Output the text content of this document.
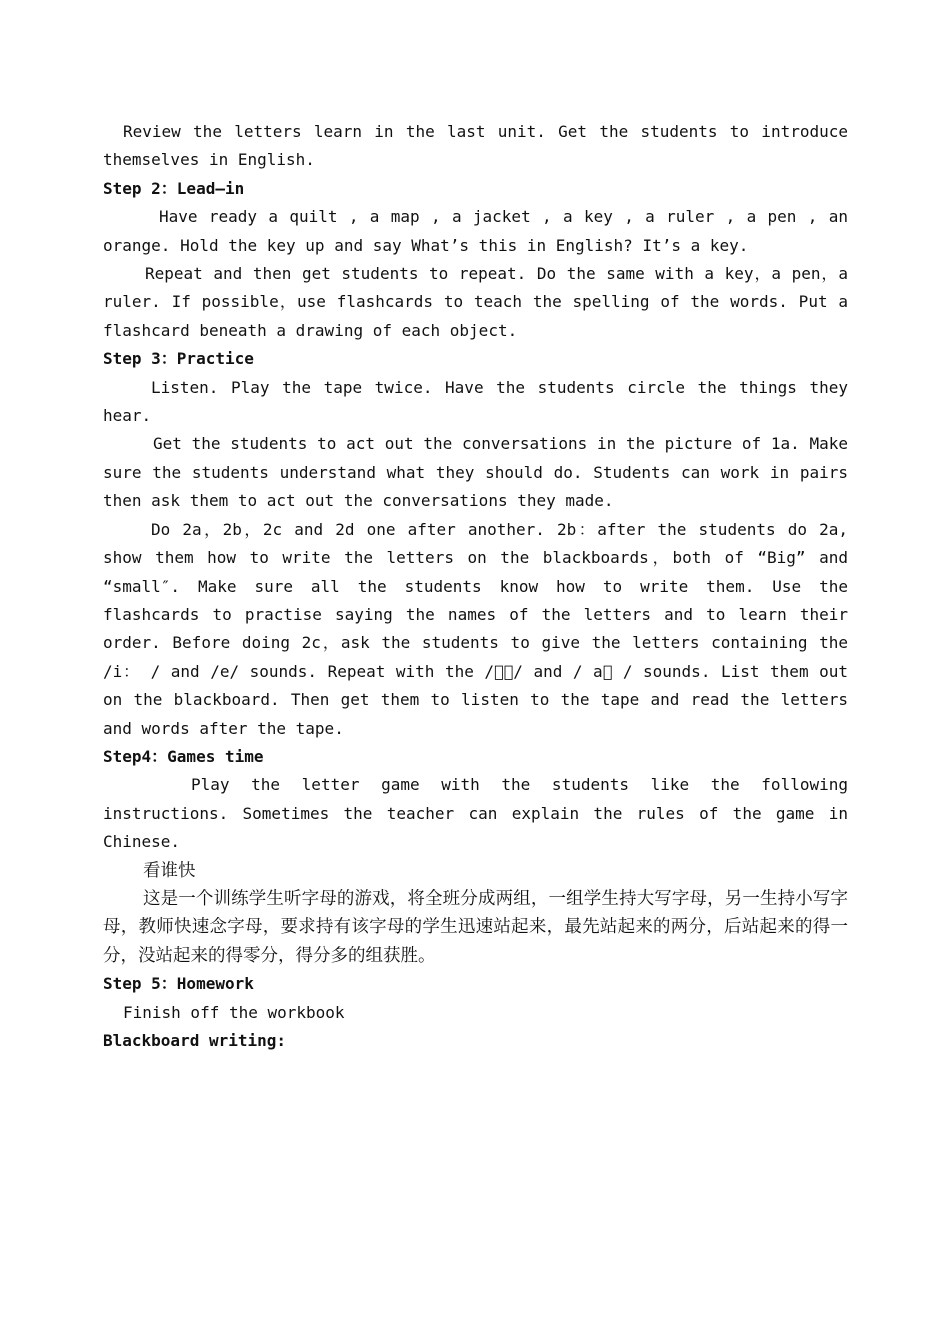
Review the letters learn in the last unit. Get the students to introduce themselves in English.

Step 2：Lead—in

Have ready a quilt , a map , a jacket , a key , a ruler , a pen , an orange. Hold the key up and say What’s this in English? It’s a key.

Repeat and then get students to repeat. Do the same with a key，a pen，a ruler. If possible，use flashcards to teach the spelling of the words. Put a flashcard beneath a drawing of each object.

Step 3：Practice

Listen. Play the tape twice. Have the students circle the things they hear.

Get the students to act out the conversations in the picture of 1a. Make sure the students understand what they should do. Students can work in pairs then ask them to act out the conversations they made.

Do 2a，2b，2c and 2d one after another. 2b：after the students do 2a, show them how to write the letters on the blackboards，both of “Big” and “small″. Make sure all the students know how to write them. Use the flashcards to practise saying the names of the letters and to learn their order. Before doing 2c，ask the students to give the letters containing the /i： / and /e/ sounds. Repeat with the /  / and / a  / sounds. List them out on the blackboard. Then get them to listen to the tape and read the letters and words after the tape.

Step4：Games time

Play the letter game with the students like the following instructions. Sometimes the teacher can explain the rules of the game in Chinese.

看谁快

这是一个训练学生听字母的游戏，将全班分成两组，一组学生持大写字母，另一生持小写字母，教师快速念字母，要求持有该字母的学生迅速站起来，最先站起来的两分，后站起来的得一分，没站起来的得零分，得分多的组获胜。

Step 5：Homework

Finish off the workbook

Blackboard writing:
